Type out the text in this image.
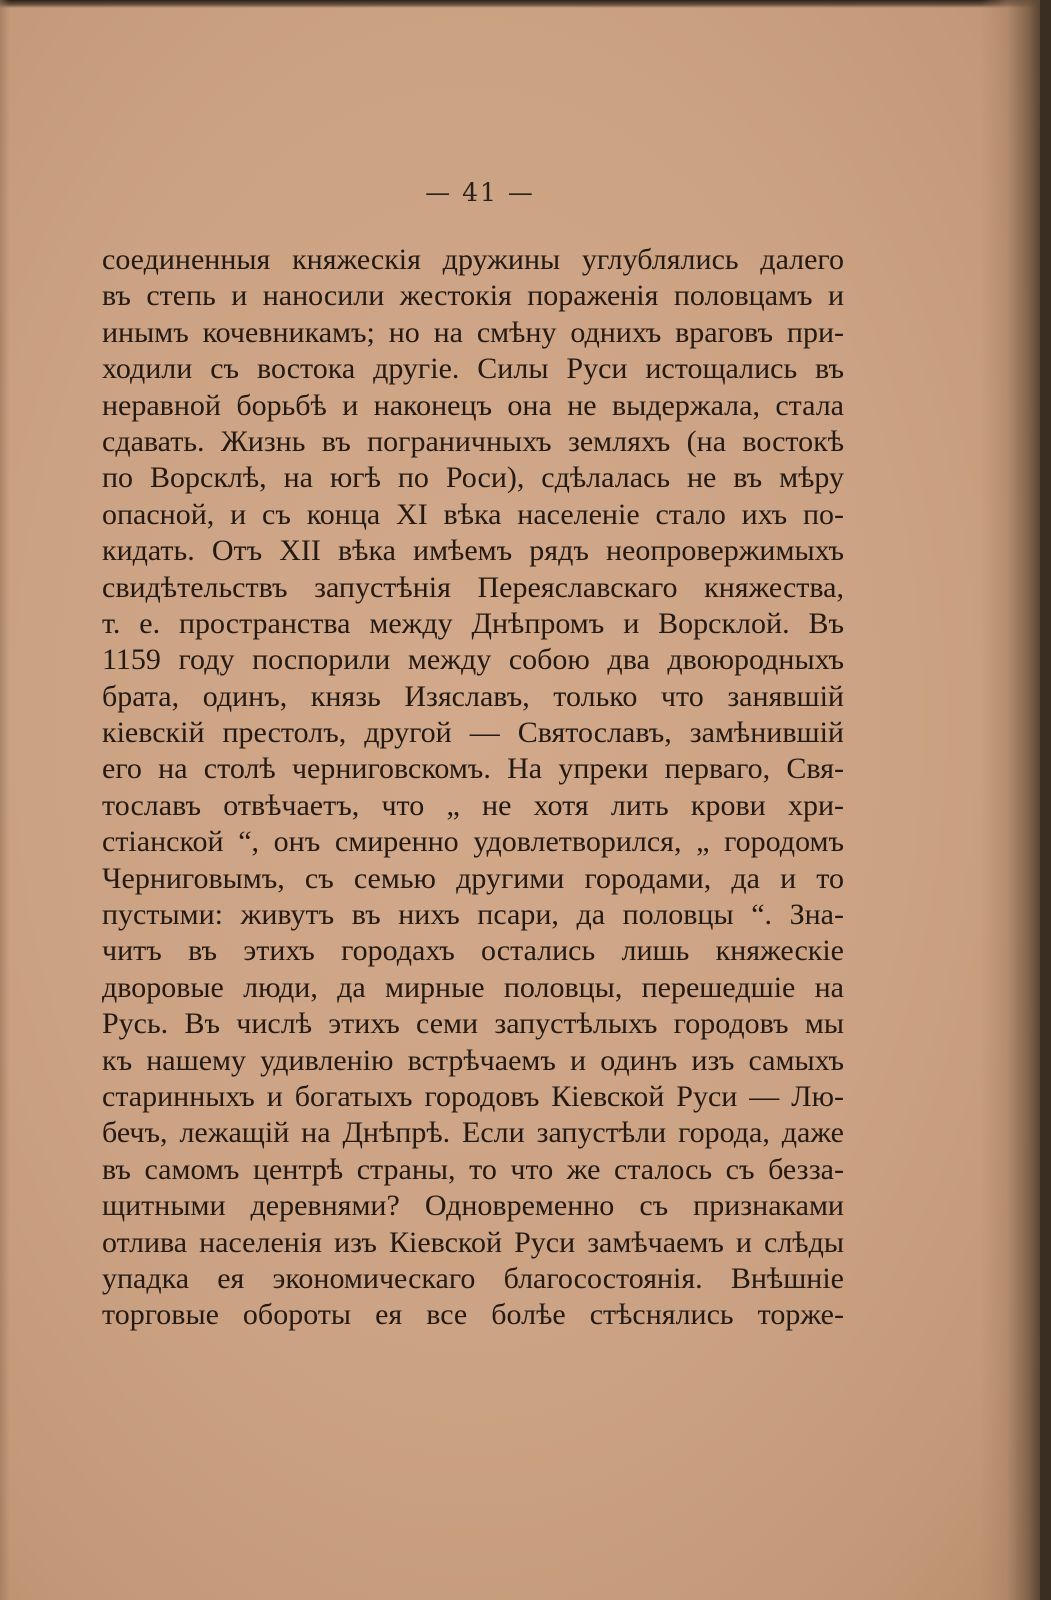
— 41 —
соединенныя княжескія дружины углублялись далего
въ степь и наносили жестокія пораженія половцамъ и
инымъ кочевникамъ; но на смѣну однихъ враговъ при-
ходили съ востока другіе. Силы Руси истощались въ
неравной борьбѣ и наконецъ она не выдержала, стала
сдавать. Жизнь въ пограничныхъ земляхъ (на востокѣ
по Ворсклѣ, на югѣ по Роси), сдѣлалась не въ мѣру
опасной, и съ конца XI вѣка населеніе стало ихъ по-
кидать. Отъ XII вѣка имѣемъ рядъ неопровержимыхъ
свидѣтельствъ запустѣнія Переяславскаго княжества,
т. е. пространства между Днѣпромъ и Ворсклой. Въ
1159 году поспорили между собою два двоюродныхъ
брата, одинъ, князь Изяславъ, только что занявшій
кіевскій престолъ, другой — Святославъ, замѣнившій
его на столѣ черниговскомъ. На упреки перваго, Свя-
тославъ отвѣчаетъ, что „ не хотя лить крови хри-
стіанской “, онъ смиренно удовлетворился, „ городомъ
Черниговымъ, съ семью другими городами, да и то
пустыми: живутъ въ нихъ псари, да половцы “. Зна-
читъ въ этихъ городахъ остались лишь княжескіе
дворовые люди, да мирные половцы, перешедшіе на
Русь. Въ числѣ этихъ семи запустѣлыхъ городовъ мы
къ нашему удивленію встрѣчаемъ и одинъ изъ самыхъ
старинныхъ и богатыхъ городовъ Кіевской Руси — Лю-
бечъ, лежащій на Днѣпрѣ. Если запустѣли города, даже
въ самомъ центрѣ страны, то что же сталось съ безза-
щитными деревнями? Одновременно съ признаками
отлива населенія изъ Кіевской Руси замѣчаемъ и слѣды
упадка ея экономическаго благосостоянія. Внѣшніе
торговые обороты ея все болѣе стѣснялись торже-
